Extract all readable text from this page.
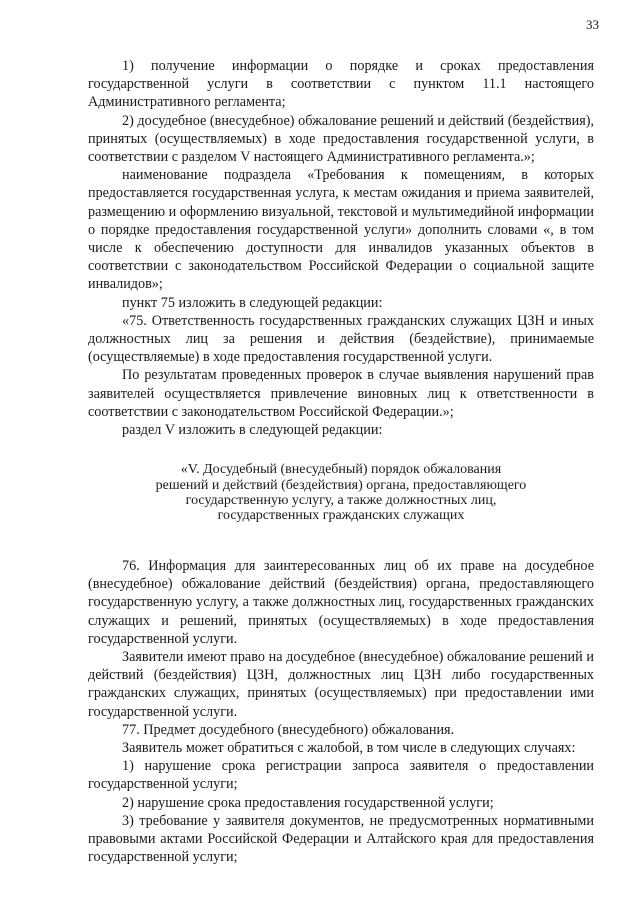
33

1) получение информации о порядке и сроках предоставления государственной услуги в соответствии с пунктом 11.1 настоящего Административного регламента;

2) досудебное (внесудебное) обжалование решений и действий (бездействия), принятых (осуществляемых) в ходе предоставления государственной услуги, в соответствии с разделом V настоящего Административного регламента.»;

наименование подраздела «Требования к помещениям, в которых предоставляется государственная услуга, к местам ожидания и приема заявителей, размещению и оформлению визуальной, текстовой и мультимедийной информации о порядке предоставления государственной услуги» дополнить словами «, в том числе к обеспечению доступности для инвалидов указанных объектов в соответствии с законодательством Российской Федерации о социальной защите инвалидов»;

пункт 75 изложить в следующей редакции:

«75. Ответственность государственных гражданских служащих ЦЗН и иных должностных лиц за решения и действия (бездействие), принимаемые (осуществляемые) в ходе предоставления государственной услуги.

По результатам проведенных проверок в случае выявления нарушений прав заявителей осуществляется привлечение виновных лиц к ответственности в соответствии с законодательством Российской Федерации.»;

раздел V изложить в следующей редакции:

«V. Досудебный (внесудебный) порядок обжалования
решений и действий (бездействия) органа, предоставляющего
государственную услугу, а также должностных лиц,
государственных гражданских служащих

76. Информация для заинтересованных лиц об их праве на досудебное (внесудебное) обжалование действий (бездействия) органа, предоставляющего государственную услугу, а также должностных лиц, государственных гражданских служащих и решений, принятых (осуществляемых) в ходе предоставления государственной услуги.

Заявители имеют право на досудебное (внесудебное) обжалование решений и действий (бездействия) ЦЗН, должностных лиц ЦЗН либо государственных гражданских служащих, принятых (осуществляемых) при предоставлении ими государственной услуги.

77. Предмет досудебного (внесудебного) обжалования.

Заявитель может обратиться с жалобой, в том числе в следующих случаях:

1) нарушение срока регистрации запроса заявителя о предоставлении государственной услуги;

2) нарушение срока предоставления государственной услуги;

3) требование у заявителя документов, не предусмотренных нормативными правовыми актами Российской Федерации и Алтайского края для предоставления государственной услуги;
